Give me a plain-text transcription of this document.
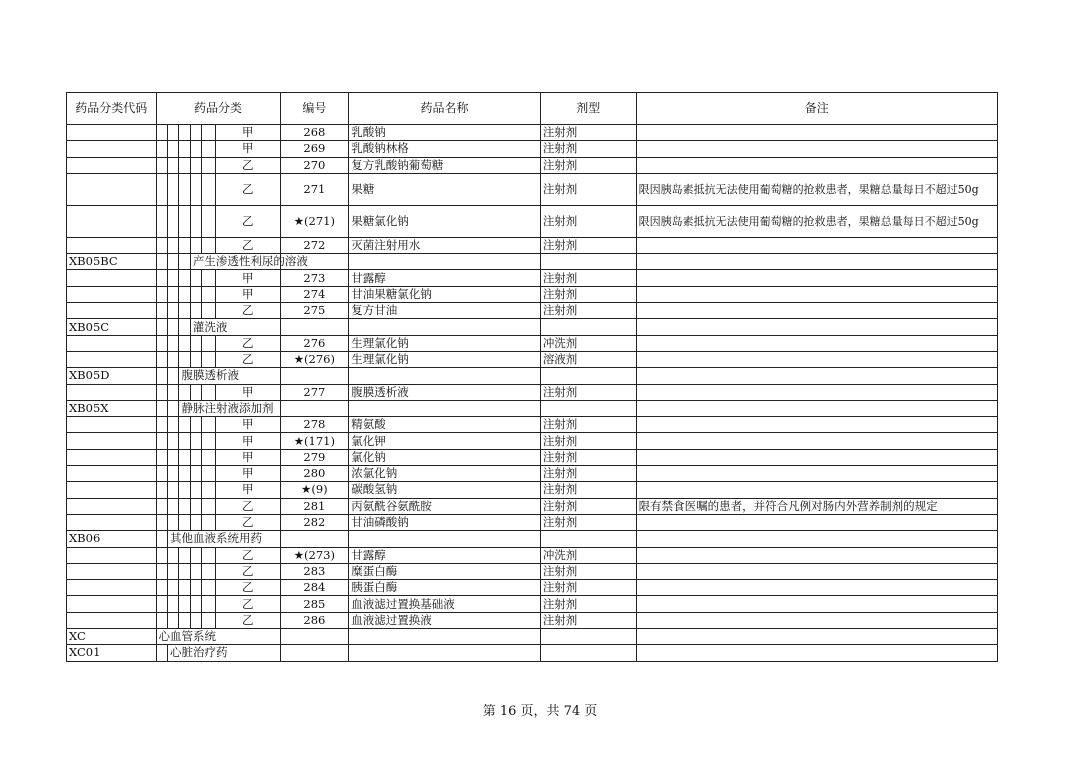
药品分类代码	药品分类						编号	药品名称	剂型	备注
						甲	268	乳酸钠	注射剂	
						甲	269	乳酸钠林格	注射剂	
						乙	270	复方乳酸钠葡萄糖	注射剂	
						乙	271	果糖	注射剂	限因胰岛素抵抗无法使用葡萄糖的抢救患者，果糖总量每日不超过50g
						乙	★(271)	果糖氯化钠	注射剂	限因胰岛素抵抗无法使用葡萄糖的抢救患者，果糖总量每日不超过50g
						乙	272	灭菌注射用水	注射剂	
XB05BC				产生渗透性利尿的溶液						
						甲	273	甘露醇	注射剂	
						甲	274	甘油果糖氯化钠	注射剂	
						乙	275	复方甘油	注射剂	
XB05C				灌洗液						
						乙	276	生理氯化钠	冲洗剂	
						乙	★(276)	生理氯化钠	溶液剂	
XB05D			腹膜透析液							
						甲	277	腹膜透析液	注射剂	
XB05X			静脉注射液添加剂							
						甲	278	精氨酸	注射剂	
						甲	★(171)	氯化钾	注射剂	
						甲	279	氯化钠	注射剂	
						甲	280	浓氯化钠	注射剂	
						甲	★(9)	碳酸氢钠	注射剂	
						乙	281	丙氨酰谷氨酰胺	注射剂	限有禁食医嘱的患者，并符合凡例对肠内外营养制剂的规定
						乙	282	甘油磷酸钠	注射剂	
XB06		其他血液系统用药								
						乙	★(273)	甘露醇	冲洗剂	
						乙	283	糜蛋白酶	注射剂	
						乙	284	胰蛋白酶	注射剂	
						乙	285	血液滤过置换基础液	注射剂	
						乙	286	血液滤过置换液	注射剂	
XC	心血管系统									
XC01		心脏治疗药								
第 16 页，共 74 页
